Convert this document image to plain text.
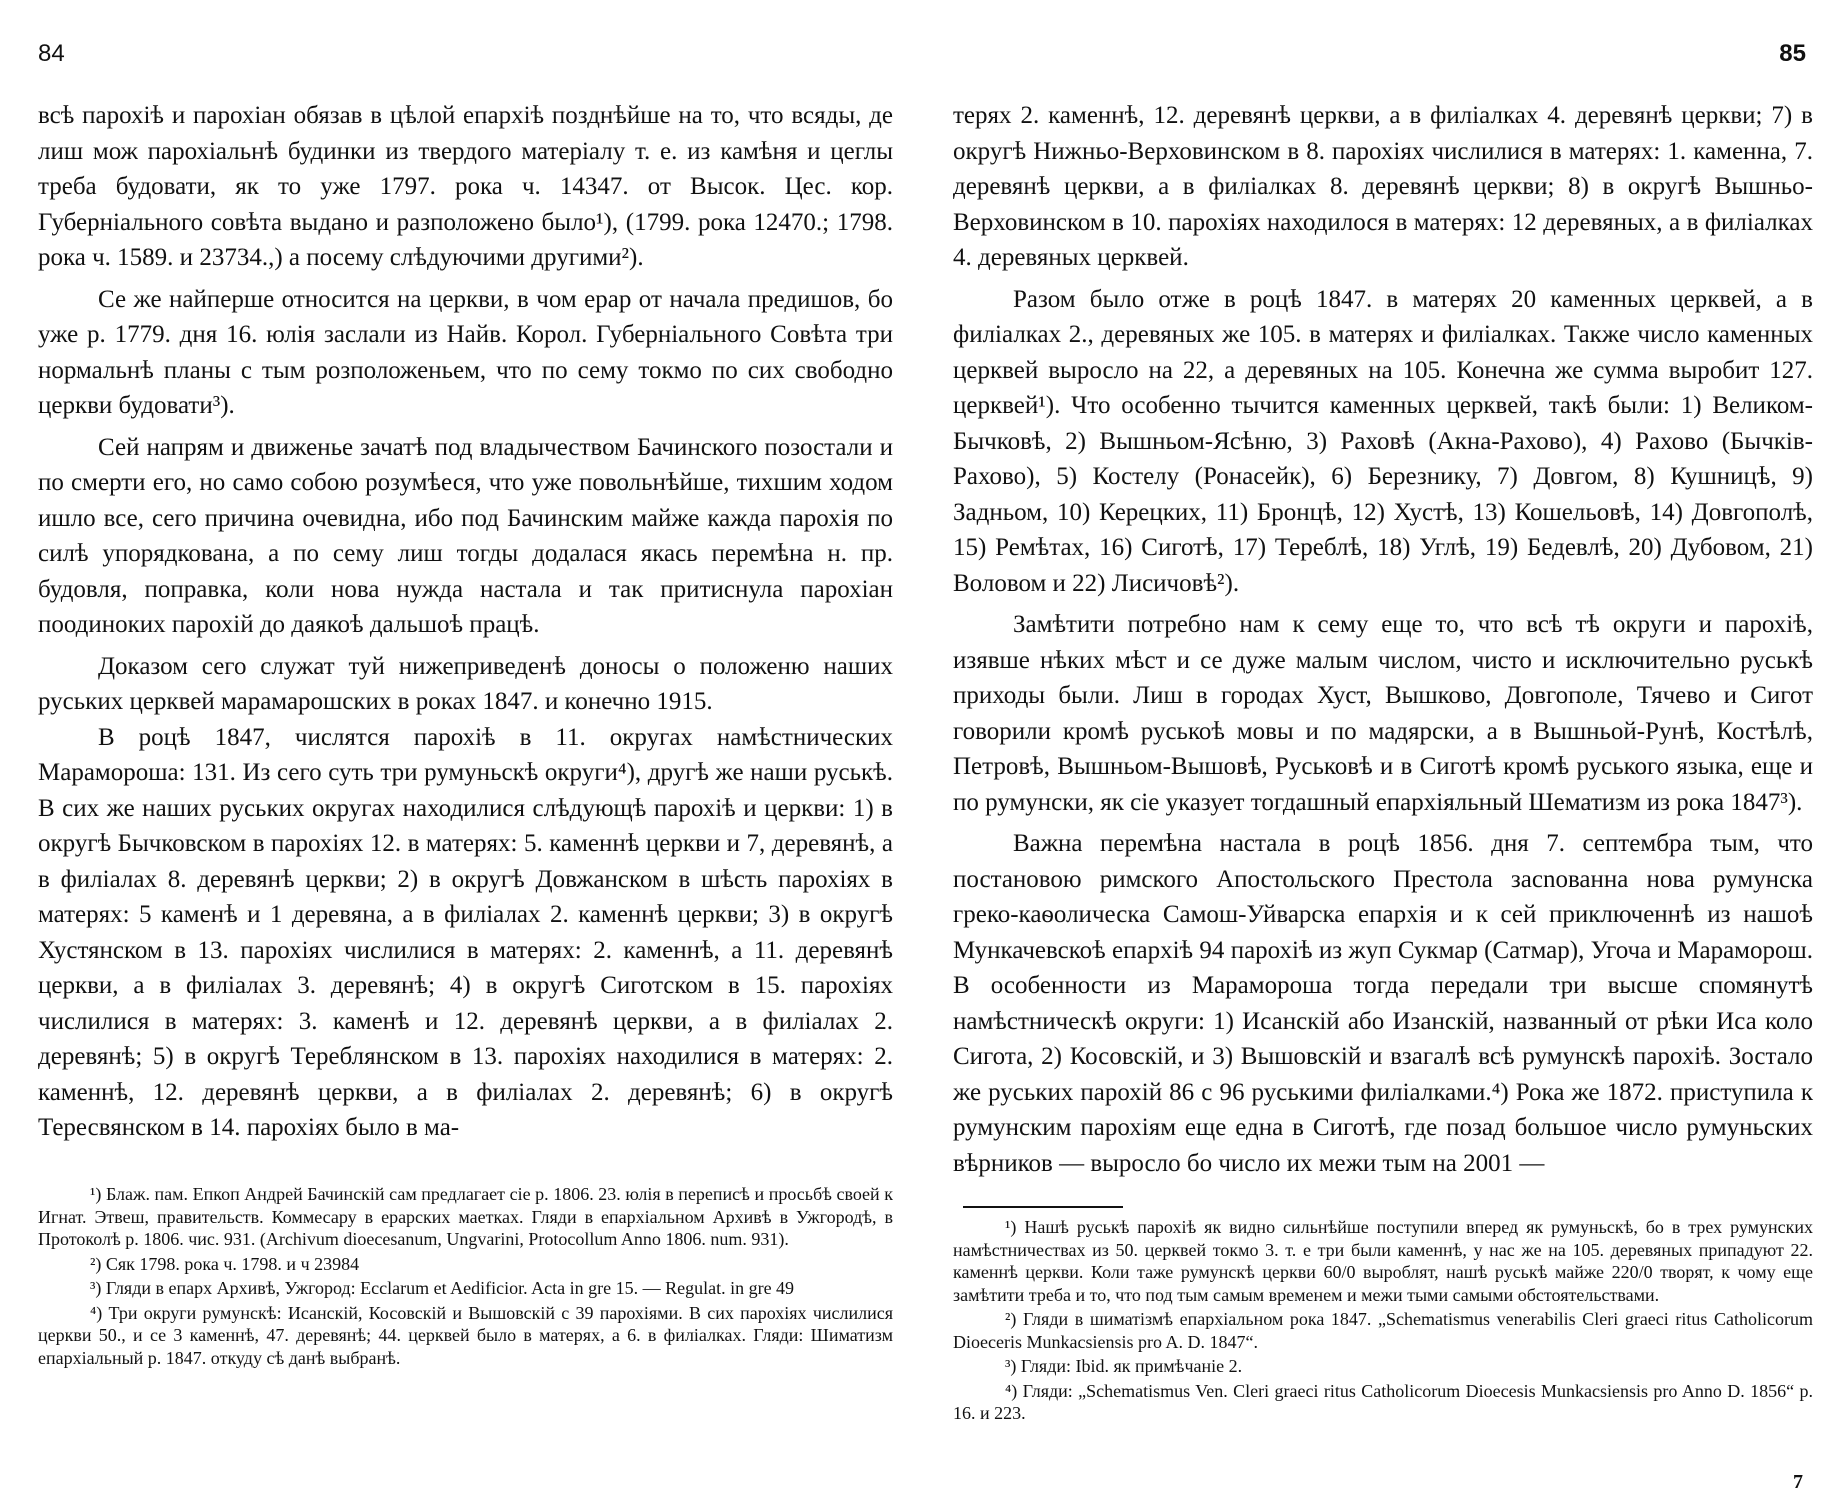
84

всѣ парохіѣ и парохіан обязав в цѣлой епархіѣ позднѣйше на то, что всяды, де лиш мож парохіальнѣ будинки из твердого матеріалу т. е. из камѣня и цеглы треба будовати, як то уже 1797. рока ч. 14347. от Высок. Цес. кор. Губерніального совѣта выдано и разположено было¹), (1799. рока 12470.; 1798. рока ч. 1589. и 23734.,) а посему слѣдуючими другими²).

Се же найперше относится на церкви, в чом ерар от начала предишов, бо уже р. 1779. дня 16. юлія заслали из Найв. Корол. Губерніального Совѣта три нормальнѣ планы с тым розположеньем, что по сему токмо по сих свободно церкви будовати³).

Сей напрям и движенье зачатѣ под владычеством Бачинского позостали и по смерти его, но само собою розумѣеся, что уже повольнѣйше, тихшим ходом ишло все, сего причина очевидна, ибо под Бачинским майже кажда парохія по силѣ упорядкована, а по сему лиш тогды додалася якась перемѣна н. пр. будовля, поправка, коли нова нужда настала и так притиснула парохіан поодиноких парохій до даякоѣ дальшоѣ працѣ.

Доказом сего служат туй нижеприведенѣ доносы о положеню наших руських церквей марамарошских в роках 1847. и конечно 1915.

В роцѣ 1847, числятся парохіѣ в 11. округах намѣстнических Марамороша: 131. Из сего суть три румуньскѣ округи⁴), другѣ же наши руськѣ. В сих же наших руських округах находилися слѣдующѣ парохіѣ и церкви: 1) в округѣ Бычковском в парохіях 12. в матерях: 5. каменнѣ церкви и 7, деревянѣ, а в филіалах 8. деревянѣ церкви; 2) в округѣ Довжанском в шѣсть парохіях в матерях: 5 каменѣ и 1 деревяна, а в филіалах 2. каменнѣ церкви; 3) в округѣ Хустянском в 13. парохіях числилися в матерях: 2. каменнѣ, а 11. деревянѣ церкви, а в филіалах 3. деревянѣ; 4) в округѣ Сиготском в 15. парохіях числилися в матерях: 3. каменѣ и 12. деревянѣ церкви, а в филіалах 2. деревянѣ; 5) в округѣ Тереблянском в 13. парохіях находилися в матерях: 2. каменнѣ, 12. деревянѣ церкви, а в филіалах 2. деревянѣ; 6) в округѣ Тересвянском в 14. парохіях было в ма-

¹) Блаж. пам. Епкоп Андрей Бачинскій сам предлагает сіе р. 1806. 23. юлія в переписѣ и просьбѣ своей к Игнат. Этвеш, правительств. Коммесару в ерарских маетках. Гляди в епархіальном Архивѣ в Ужгородѣ, в Протоколѣ р. 1806. чис. 931. (Archivum dioecesanum, Ungvarini, Protocollum Anno 1806. num. 931).

²) Сяк 1798. рока ч. 1798. и ч 23984

³) Гляди в епарх Архивѣ, Ужгород: Ecclarum et Aedificior. Acta in gre 15. — Regulat. in gre 49

⁴) Три округи румунскѣ: Исанскій, Косовскій и Вышовскій с 39 парохіями. В сих парохіях числилися церкви 50., и се 3 каменнѣ, 47. деревянѣ; 44. церквей было в матерях, а 6. в филіалках. Гляди: Шиматизм епархіальный р. 1847. откуду сѣ данѣ выбранѣ.

85

терях 2. каменнѣ, 12. деревянѣ церкви, а в филіалках 4. деревянѣ церкви; 7) в округѣ Нижньо-Верховинском в 8. парохіях числилися в матерях: 1. каменна, 7. деревянѣ церкви, а в филіалках 8. деревянѣ церкви; 8) в округѣ Вышньо-Верховинском в 10. парохіях находилося в матерях: 12 деревяных, а в филіалках 4. деревяных церквей.

Разом было отже в роцѣ 1847. в матерях 20 каменных церквей, а в филіалках 2., деревяных же 105. в матерях и филіалках. Также число каменных церквей выросло на 22, а деревяных на 105. Конечна же сумма выробит 127. церквей¹). Что особенно тычится каменных церквей, такѣ были: 1) Великом-Бычковѣ, 2) Вышньом-Ясѣню, 3) Раховѣ (Акна-Рахово), 4) Рахово (Бычків-Рахово), 5) Костелу (Ронасейк), 6) Березнику, 7) Довгом, 8) Кушницѣ, 9) Задньом, 10) Керецких, 11) Бронцѣ, 12) Хустѣ, 13) Кошельовѣ, 14) Довгополѣ, 15) Ремѣтах, 16) Сиготѣ, 17) Тереблѣ, 18) Углѣ, 19) Бедевлѣ, 20) Дубовом, 21) Воловом и 22) Лисичовѣ²).

Замѣтити потребно нам к сему еще то, что всѣ тѣ округи и парохіѣ, изявше нѣких мѣст и се дуже малым числом, чисто и исключительно руськѣ приходы были. Лиш в городах Хуст, Вышково, Довгополе, Тячево и Сигот говорили кромѣ руськоѣ мовы и по мадярски, а в Вышньой-Рунѣ, Костѣлѣ, Петровѣ, Вышньом-Вышовѣ, Руськовѣ и в Сиготѣ кромѣ руського языка, еще и по румунски, як сіе указует тогдашный епархіяльный Шематизм из рока 1847³).

Важна перемѣна настала в роцѣ 1856. дня 7. септембра тым, что постановою римского Апостольского Престола засnованна нова румунска греко-каѳолическа Самош-Уйварска епархія и к сей приключеннѣ из нашоѣ Мункачевскоѣ епархіѣ 94 парохіѣ из жуп Сукмар (Сатмар), Угоча и Мараморош. В особенности из Марамороша тогда передали три высше спомянутѣ намѣстническѣ округи: 1) Исанскій або Изанскій, названный от рѣки Иса коло Сигота, 2) Косовскій, и 3) Вышовскій и взагалѣ всѣ румунскѣ парохіѣ. Зостало же руських парохій 86 с 96 руськими филіалками.⁴) Рока же 1872. приступила к румунским парохіям еще една в Сиготѣ, где позад большое число румуньских вѣрников — выросло бо число их межи тым на 2001 —

¹) Нашѣ руськѣ парохіѣ як видно сильнѣйше поступили вперед як румуньскѣ, бо в трех румунских намѣстничествах из 50. церквей токмо 3. т. е три были каменнѣ, у нас же на 105. деревяных припадуют 22. каменнѣ церкви. Коли таже румунскѣ церкви 60/0 выроблят, нашѣ руськѣ майже 220/0 творят, к чому еще замѣтити треба и то, что под тым самым временем и межи тыми самыми обстоятельствами.

²) Гляди в шиматізмѣ епархіальном рока 1847. „Schematismus venerabilis Cleri graeci ritus Catholicorum Dioeceris Munkacsiensis pro A. D. 1847“.

³) Гляди: Ibid. як примѣчаніе 2.

⁴) Гляди: „Schematismus Ven. Cleri graeci ritus Catholicorum Dioecesis Munkacsiensis pro Anno D. 1856“ p. 16. и 223.

7
